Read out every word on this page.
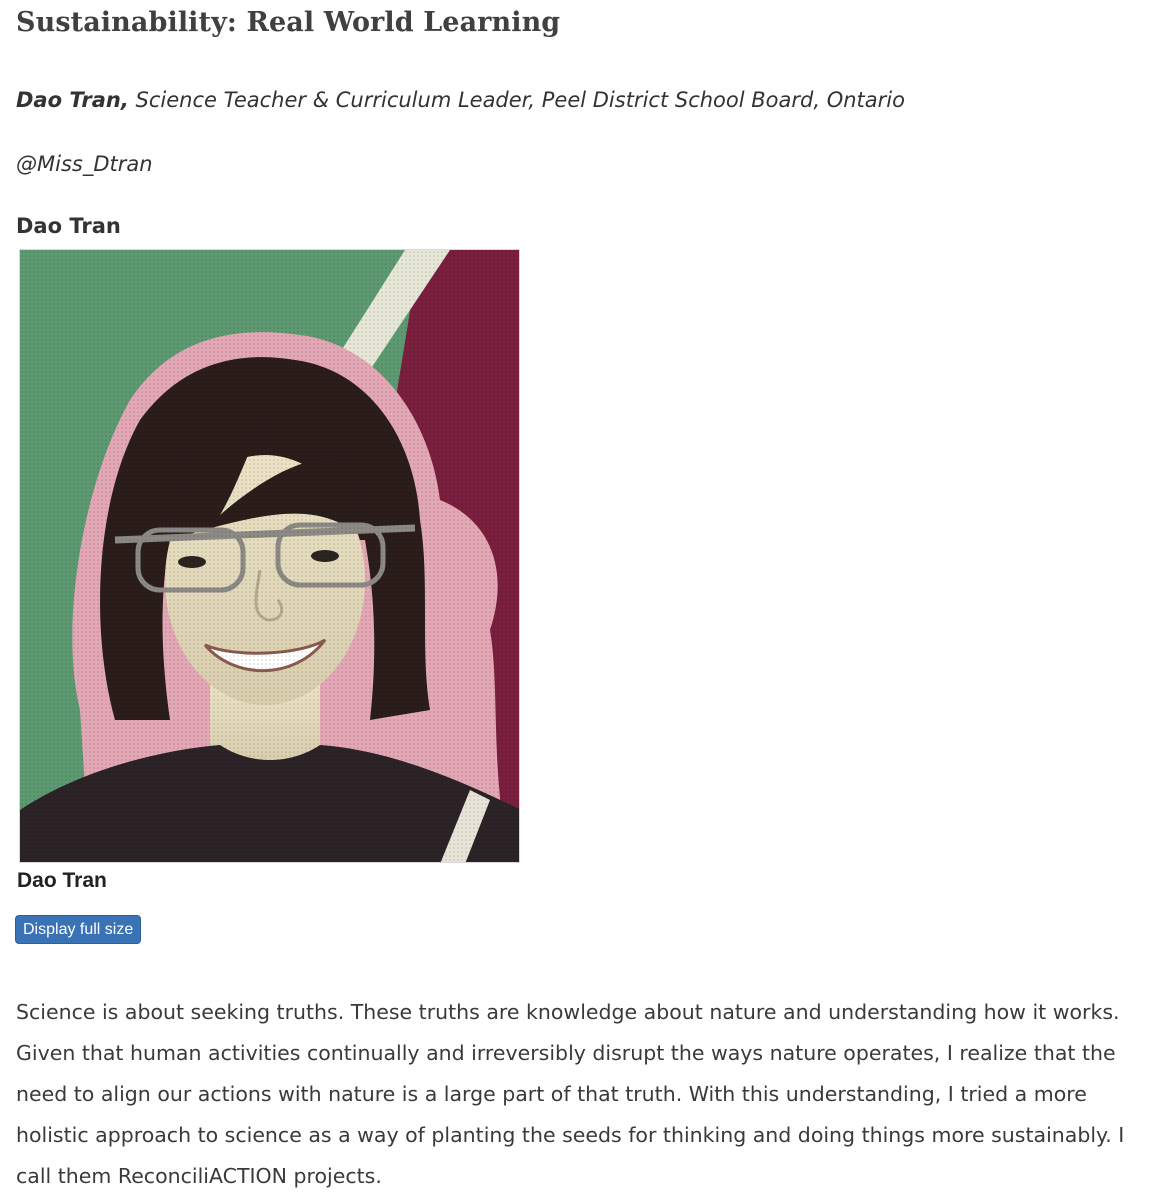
Sustainability: Real World Learning

Dao Tran, Science Teacher & Curriculum Leader, Peel District School Board, Ontario

@Miss_Dtran

Dao Tran

Dao Tran

Display full size

Science is about seeking truths. These truths are knowledge about nature and understanding how it works. Given that human activities continually and irreversibly disrupt the ways nature operates, I realize that the need to align our actions with nature is a large part of that truth. With this understanding, I tried a more holistic approach to science as a way of planting the seeds for thinking and doing things more sustainably. I call them ReconciliACTION projects.
